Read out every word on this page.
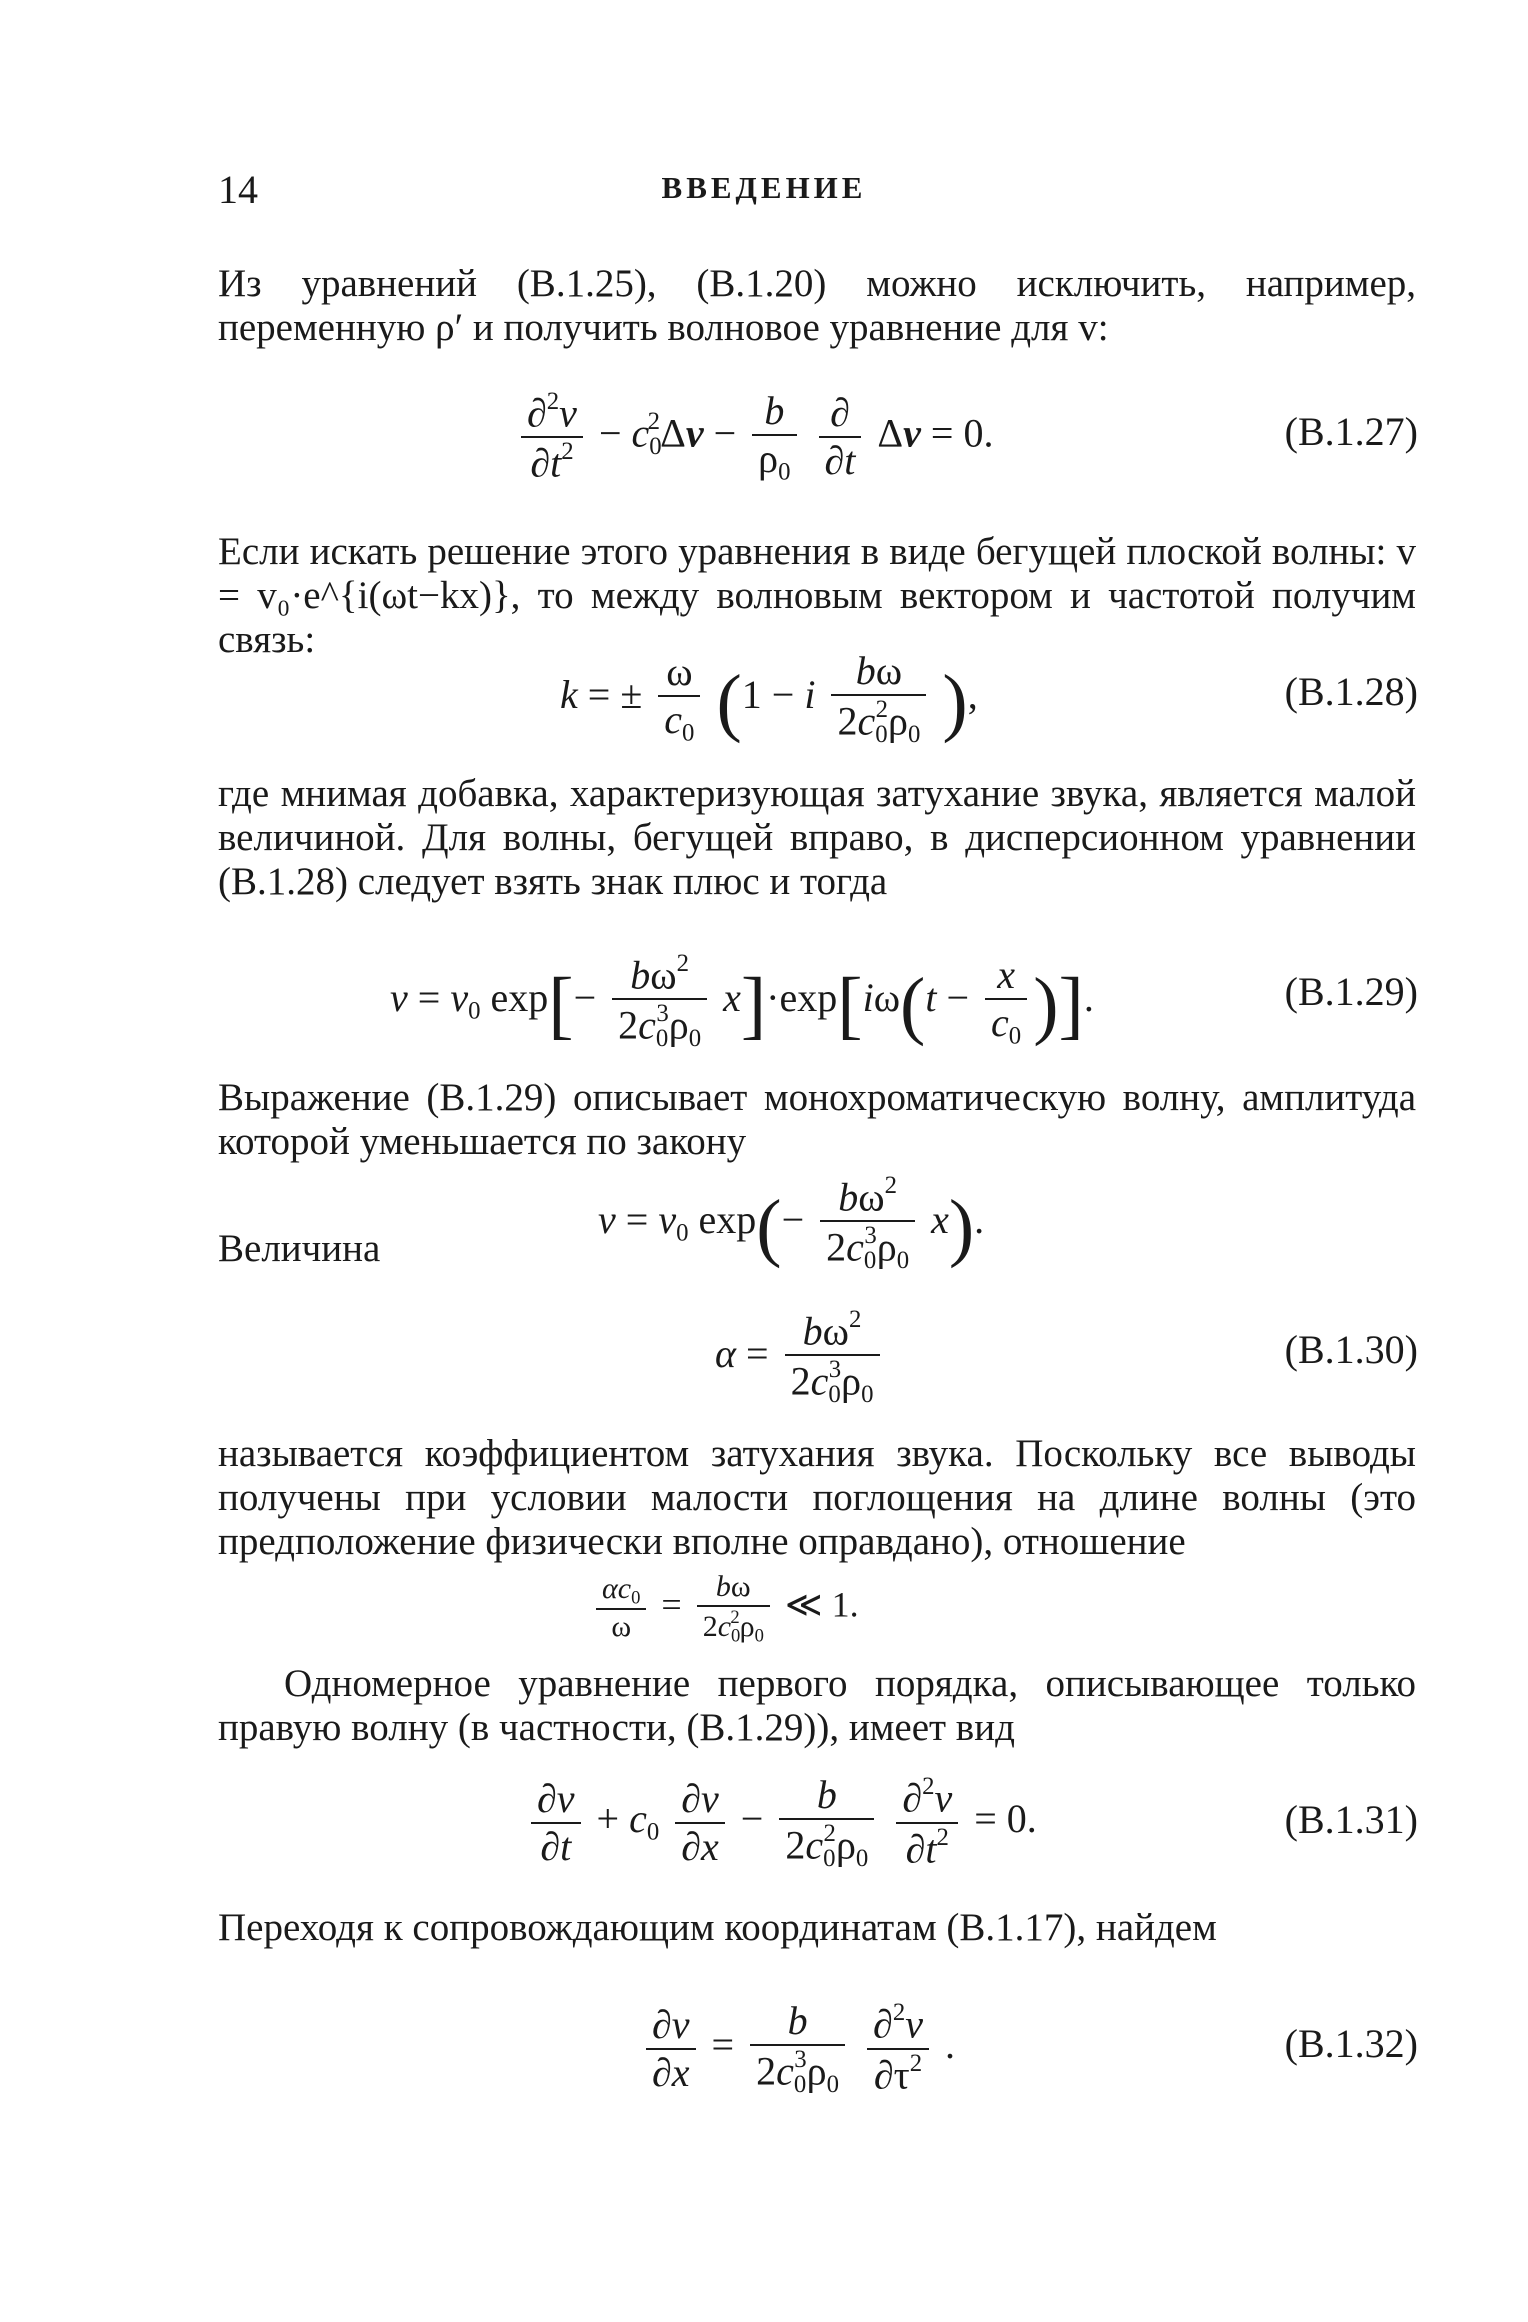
14	ВВЕДЕНИЕ

Из уравнений (В.1.25), (В.1.20) можно исключить, например, переменную ρ′ и получить волновое уравнение для v:

$\frac{\partial^2v}{\partial t^2} - c_0^2\Delta v - \frac{b}{\rho_0}$
$\frac{\partial}{\partial t}$ Δv = 0.	(В.1.27)

Если искать решение этого уравнения в виде бегущей плоской волны: v = v₀·e^{i(ωt−kx)}, то между волновым вектором и частотой получим связь:

k = ± $\frac{\omega}{c_0} (1 - i \frac{b\omega}{2c_0^2\rho_0}$ ),	(В.1.28)

где мнимая добавка, характеризующая затухание звука, является малой величиной. Для волны, бегущей вправо, в дисперсионном уравнении (В.1.28) следует взять знак плюс и тогда

$v = v_0$ $\exp[- \frac{b\omega^2}{2c_0^3\rho_0} x]\cdot\exp[i\omega(t - \frac{x}{c_0}$ )].	(В.1.29)

Выражение (В.1.29) описывает монохроматическую волну, амплитуда которой уменьшается по закону

$v = v_0$ $\exp(- \frac{b\omega^2}{2c_0^3\rho_0} x)$.
Величина
$\alpha = \frac{b\omega^2}{2c_0^3\rho_0}$	(В.1.30)

называется коэффициентом затухания звука. Поскольку все выводы получены при условии малости поглощения на длине волны (это предположение физически вполне оправдано), отношение

$\frac{\alpha c_0}{\omega} = \frac{b\omega}{2c_0^2\rho_0}$ ≪ 1.

Одномерное уравнение первого порядка, описывающее только правую волну (в частности, (В.1.29)), имеет вид

$\frac{\partial v}{\partial t} + c_0 \frac{\partial v}{\partial x} - \frac{b}{2c_0^2\rho_0}$
$\frac{\partial^2v}{\partial t^2} = 0$.	(В.1.31)

Переходя к сопровождающим координатам (В.1.17), найдем

$\frac{\partial v}{\partial x} = \frac{b}{2c_0^3\rho_0}$
$\frac{\partial^2v}{\partial\tau^2}$ .	(В.1.32)
